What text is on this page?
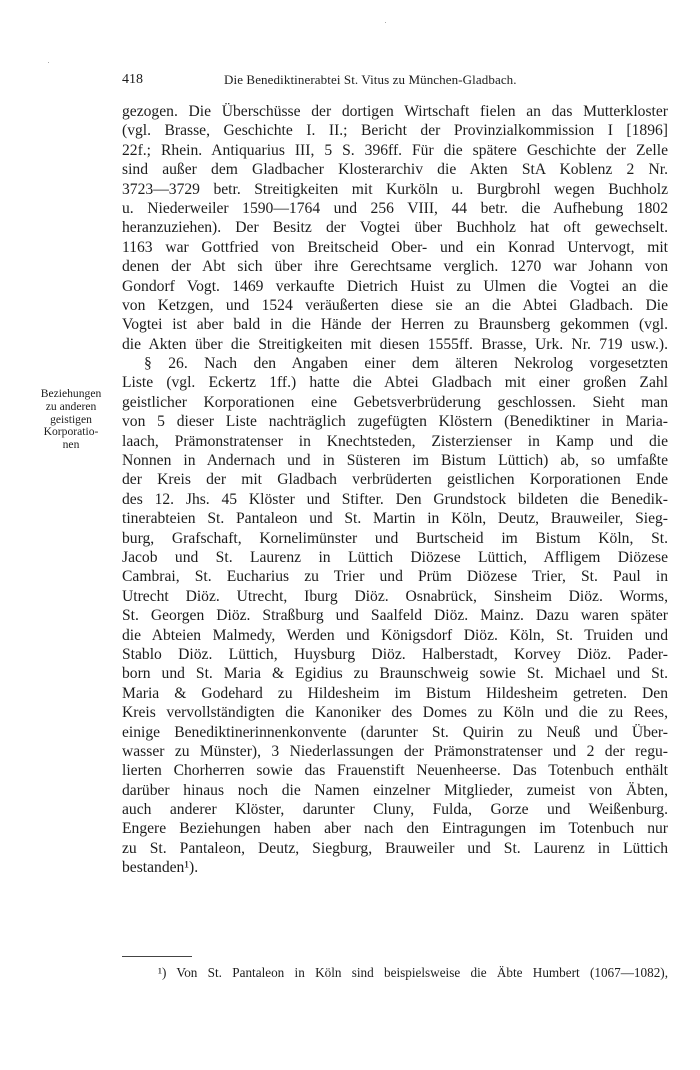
418	Die Benediktinerabtei St. Vitus zu München-Gladbach.
Beziehungen
zu anderen
geistigen
Korporatio-
nen
gezogen. Die Überschüsse der dortigen Wirtschaft fielen an das Mutterkloster
(vgl. Brasse, Geschichte I. II.; Bericht der Provinzialkommission I [1896]
22f.; Rhein. Antiquarius III, 5 S. 396ff. Für die spätere Geschichte der Zelle
sind außer dem Gladbacher Klosterarchiv die Akten StA Koblenz 2 Nr.
3723—3729 betr. Streitigkeiten mit Kurköln u. Burgbrohl wegen Buchholz
u. Niederweiler 1590—1764 und 256 VIII, 44 betr. die Aufhebung 1802
heranzuziehen). Der Besitz der Vogtei über Buchholz hat oft gewechselt.
1163 war Gottfried von Breitscheid Ober- und ein Konrad Untervogt, mit
denen der Abt sich über ihre Gerechtsame verglich. 1270 war Johann von
Gondorf Vogt. 1469 verkaufte Dietrich Huist zu Ulmen die Vogtei an die
von Ketzgen, und 1524 veräußerten diese sie an die Abtei Gladbach. Die
Vogtei ist aber bald in die Hände der Herren zu Braunsberg gekommen (vgl.
die Akten über die Streitigkeiten mit diesen 1555ff. Brasse, Urk. Nr. 719 usw.).
§ 26. Nach den Angaben einer dem älteren Nekrolog vorgesetzten
Liste (vgl. Eckertz 1ff.) hatte die Abtei Gladbach mit einer großen Zahl
geistlicher Korporationen eine Gebetsverbrüderung geschlossen. Sieht man
von 5 dieser Liste nachträglich zugefügten Klöstern (Benediktiner in Maria-
laach, Prämonstratenser in Knechtsteden, Zisterzienser in Kamp und die
Nonnen in Andernach und in Süsteren im Bistum Lüttich) ab, so umfaßte
der Kreis der mit Gladbach verbrüderten geistlichen Korporationen Ende
des 12. Jhs. 45 Klöster und Stifter. Den Grundstock bildeten die Benedik-
tinerabteien St. Pantaleon und St. Martin in Köln, Deutz, Brauweiler, Sieg-
burg, Grafschaft, Kornelimünster und Burtscheid im Bistum Köln, St.
Jacob und St. Laurenz in Lüttich Diözese Lüttich, Affligem Diözese
Cambrai, St. Eucharius zu Trier und Prüm Diözese Trier, St. Paul in
Utrecht Diöz. Utrecht, Iburg Diöz. Osnabrück, Sinsheim Diöz. Worms,
St. Georgen Diöz. Straßburg und Saalfeld Diöz. Mainz. Dazu waren später
die Abteien Malmedy, Werden und Königsdorf Diöz. Köln, St. Truiden und
Stablo Diöz. Lüttich, Huysburg Diöz. Halberstadt, Korvey Diöz. Pader-
born und St. Maria & Egidius zu Braunschweig sowie St. Michael und St.
Maria & Godehard zu Hildesheim im Bistum Hildesheim getreten. Den
Kreis vervollständigten die Kanoniker des Domes zu Köln und die zu Rees,
einige Benediktinerinnenkonvente (darunter St. Quirin zu Neuß und Über-
wasser zu Münster), 3 Niederlassungen der Prämonstratenser und 2 der regu-
lierten Chorherren sowie das Frauenstift Neuenheerse. Das Totenbuch enthält
darüber hinaus noch die Namen einzelner Mitglieder, zumeist von Äbten,
auch anderer Klöster, darunter Cluny, Fulda, Gorze und Weißenburg.
Engere Beziehungen haben aber nach den Eintragungen im Totenbuch nur
zu St. Pantaleon, Deutz, Siegburg, Brauweiler und St. Laurenz in Lüttich
bestanden¹).
¹) Von St. Pantaleon in Köln sind beispielsweise die Äbte Humbert (1067—1082),
